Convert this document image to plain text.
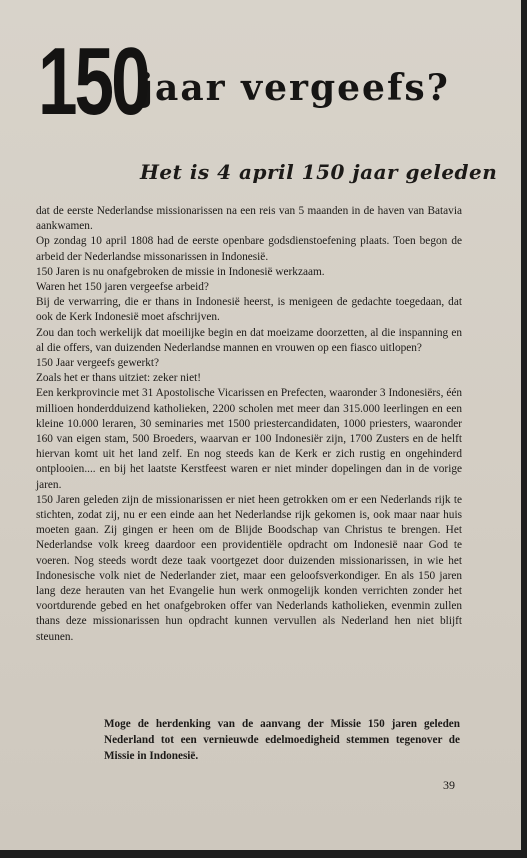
150
jaar vergeefs?
Het is 4 april 150 jaar geleden

dat de eerste Nederlandse missionarissen na een reis van 5 maanden in de haven van Batavia aankwamen.

Op zondag 10 april 1808 had de eerste openbare godsdienstoefening plaats. Toen begon de arbeid der Nederlandse missonarissen in Indonesië.

150 Jaren is nu onafgebroken de missie in Indonesië werkzaam.

Waren het 150 jaren vergeefse arbeid?

Bij de verwarring, die er thans in Indonesië heerst, is menigeen de gedachte toegedaan, dat ook de Kerk Indonesië moet afschrijven.

Zou dan toch werkelijk dat moeilijke begin en dat moeizame doorzetten, al die inspanning en al die offers, van duizenden Nederlandse mannen en vrouwen op een fiasco uitlopen?

150 Jaar vergeefs gewerkt?

Zoals het er thans uitziet: zeker niet!

Een kerkprovincie met 31 Apostolische Vicarissen en Prefecten, waaronder 3 Indonesiërs, één millioen honderdduizend katholieken, 2200 scholen met meer dan 315.000 leerlingen en een kleine 10.000 leraren, 30 seminaries met 1500 priestercandidaten, 1000 priesters, waaronder 160 van eigen stam, 500 Broeders, waarvan er 100 Indonesiër zijn, 1700 Zusters en de helft hiervan komt uit het land zelf. En nog steeds kan de Kerk er zich rustig en ongehinderd ontplooien.... en bij het laatste Kerstfeest waren er niet minder dopelingen dan in de vorige jaren.

150 Jaren geleden zijn de missionarissen er niet heen getrokken om er een Nederlands rijk te stichten, zodat zij, nu er een einde aan het Nederlandse rijk gekomen is, ook maar naar huis moeten gaan. Zij gingen er heen om de Blijde Boodschap van Christus te brengen. Het Nederlandse volk kreeg daardoor een providentiële opdracht om Indonesië naar God te voeren. Nog steeds wordt deze taak voortgezet door duizenden missionarissen, in wie het Indonesische volk niet de Nederlander ziet, maar een geloofsverkondiger. En als 150 jaren lang deze herauten van het Evangelie hun werk onmogelijk konden verrichten zonder het voortdurende gebed en het onafgebroken offer van Nederlands katholieken, evenmin zullen thans deze missionarissen hun opdracht kunnen vervullen als Nederland hen niet blijft steunen.

Moge de herdenking van de aanvang der Missie 150 jaren geleden Nederland tot een vernieuwde edelmoedigheid stemmen tegenover de Missie in Indonesië.
39
